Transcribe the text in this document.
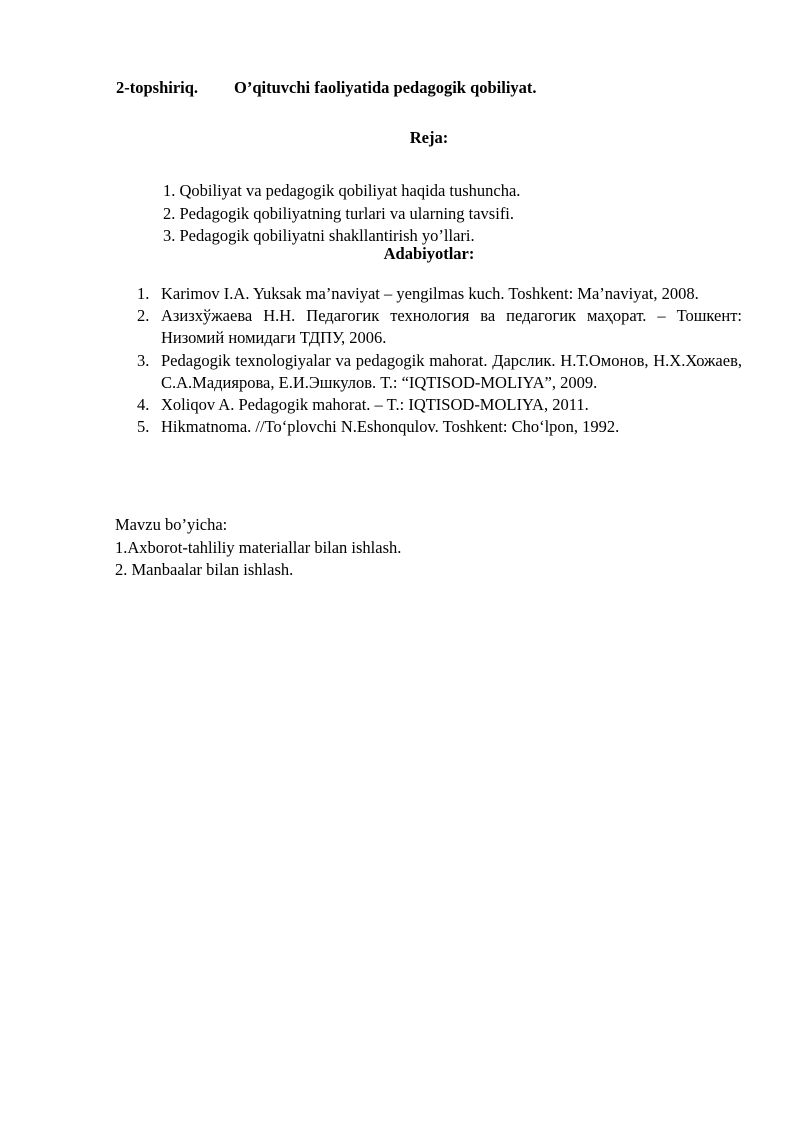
2-topshiriq. O’qituvchi faoliyatida pedagogik qobiliyat.
Reja:
1. Qobiliyat va pedagogik qobiliyat haqida tushuncha.
2. Pedagogik qobiliyatning turlari va ularning tavsifi.
3. Pedagogik qobiliyatni shakllantirish yo’llari.
Adabiyotlar:
1. Karimov I.A. Yuksak ma’naviyat – yengilmas kuch. Toshkent: Ma’naviyat, 2008.
2. Азизхўжаева Н.Н. Педагогик технология ва педагогик маҳорат. – Тошкент: Низомий номидаги ТДПУ, 2006.
3. Pedagogik texnologiyalar va pedagogik mahorat. Дарслик. Н.Т.Омонов, Н.Х.Хожаев, С.А.Мадиярова, Е.И.Эшкулов. Т.: “IQTISOD-MOLIYA”, 2009.
4. Xoliqov A. Pedagogik mahorat. – T.: IQTISOD-MOLIYA, 2011.
5. Hikmatnoma. //To‘plovchi N.Eshonqulov. Toshkent: Cho‘lpon, 1992.
Mavzu bo’yicha:
1.Axborot-tahliliy materiallar bilan ishlash.
2. Manbaalar bilan ishlash.
